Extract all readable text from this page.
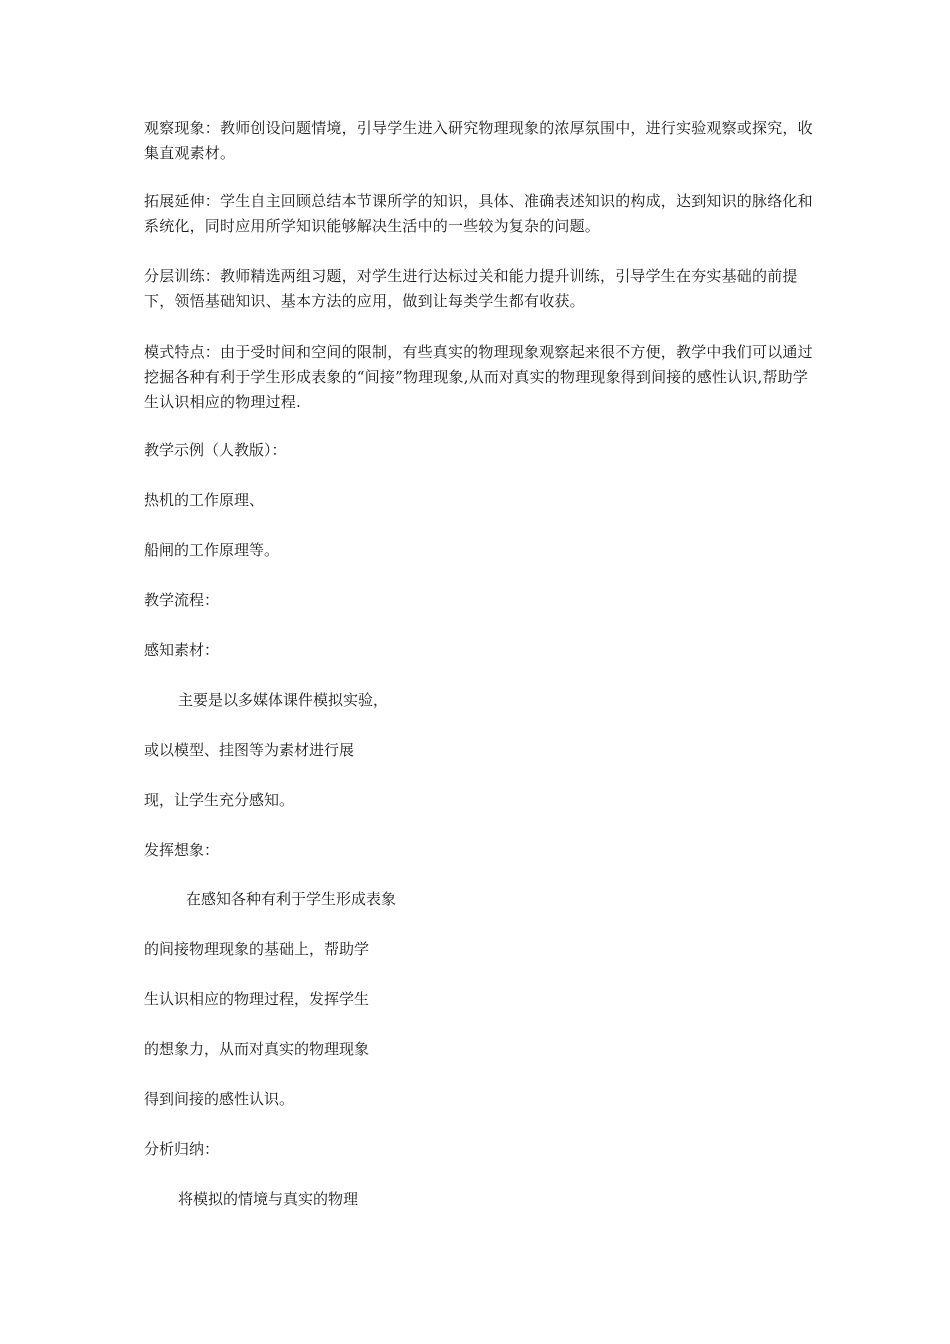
观察现象：教师创设问题情境，引导学生进入研究物理现象的浓厚氛围中，进行实验观察或探究，收集直观素材。

拓展延伸：学生自主回顾总结本节课所学的知识，具体、准确表述知识的构成，达到知识的脉络化和系统化，同时应用所学知识能够解决生活中的一些较为复杂的问题。

分层训练：教师精选两组习题，对学生进行达标过关和能力提升训练，引导学生在夯实基础的前提下，领悟基础知识、基本方法的应用，做到让每类学生都有收获。

模式特点：由于受时间和空间的限制，有些真实的物理现象观察起来很不方便，教学中我们可以通过挖掘各种有利于学生形成表象的“间接”物理现象,从而对真实的物理现象得到间接的感性认识,帮助学生认识相应的物理过程.

教学示例（人教版）：

热机的工作原理、

船闸的工作原理等。

教学流程：

感知素材：

主要是以多媒体课件模拟实验，

或以模型、挂图等为素材进行展

现，让学生充分感知。

发挥想象：

在感知各种有利于学生形成表象

的间接物理现象的基础上，帮助学

生认识相应的物理过程，发挥学生

的想象力，从而对真实的物理现象

得到间接的感性认识。

分析归纳：

将模拟的情境与真实的物理
